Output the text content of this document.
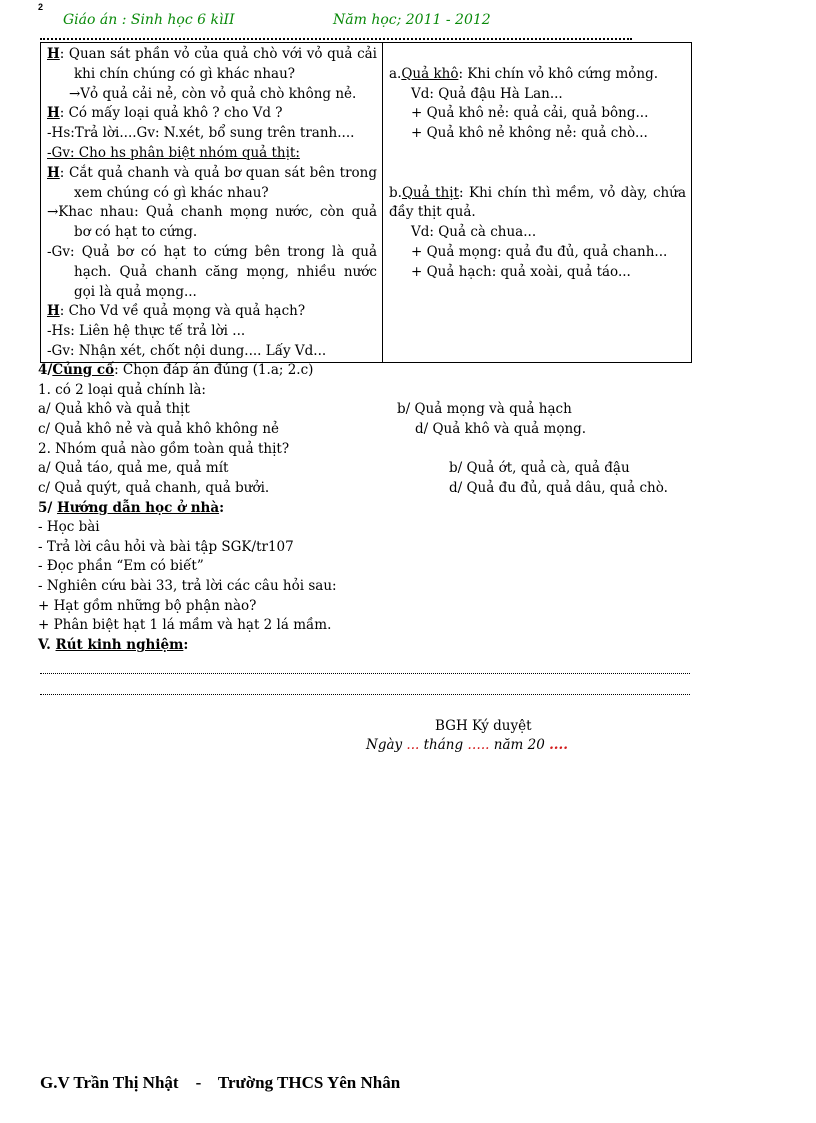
2
Giáo án : Sinh học 6 kìII	Năm học; 2011 - 2012
H: Quan sát phần vỏ của quả chò với vỏ quả cải khi chín chúng có gì khác nhau?
→Vỏ quả cải nẻ, còn vỏ quả chò không nẻ.
H: Có mấy loại quả khô ? cho Vd ?
-Hs:Trả lời....Gv: N.xét, bổ sung trên tranh....
-Gv: Cho hs phân biệt nhóm quả thịt:
H: Cắt quả chanh và quả bơ quan sát bên trong xem chúng có gì khác nhau?
→Khac nhau: Quả chanh mọng nước, còn quả bơ có hạt to cứng.
-Gv: Quả bơ có hạt to cứng bên trong là quả hạch. Quả chanh căng mọng, nhiều nước gọi là quả mọng...
H: Cho Vd về quả mọng và quả hạch?
-Hs: Liên hệ thực tế trả lời ...
-Gv: Nhận xét, chốt nội dung.... Lấy Vd...

a.Quả khô: Khi chín vỏ khô cứng mỏng.
Vd: Quả đậu Hà Lan...
+ Quả khô nẻ: quả cải, quả bông...
+ Quả khô nẻ không nẻ: quả chò...
b.Quả thịt: Khi chín thì mềm, vỏ dày, chứa đầy thịt quả.
Vd: Quả cà chua...
+ Quả mọng: quả đu đủ, quả chanh...
+ Quả hạch: quả xoài, quả táo...
4/Củng cố: Chọn đáp án đúng (1.a; 2.c)
1. có 2 loại quả chính là:
a/ Quả khô và quả thịt	b/ Quả mọng và quả hạch
c/ Quả khô nẻ và quả khô không nẻ	d/ Quả khô và quả mọng.
2. Nhóm quả nào gồm toàn quả thịt?
a/ Quả táo, quả me, quả mít	b/ Quả ớt, quả cà, quả đậu
c/ Quả quýt, quả chanh, quả bưởi.	d/ Quả đu đủ, quả dâu, quả chò.
5/ Hướng dẫn học ở nhà:
- Học bài
- Trả lời câu hỏi và bài tập SGK/tr107
- Đọc phần “Em có biết”
- Nghiên cứu bài 33, trả lời các câu hỏi sau:
+ Hạt gồm những bộ phận nào?
+ Phân biệt hạt 1 lá mầm và hạt 2 lá mầm.
V. Rút kinh nghiệm:
BGH Ký duyệt
Ngày ... tháng ….. năm 20 ....
G.V Trần Thị Nhật    -    Trường THCS Yên Nhân
